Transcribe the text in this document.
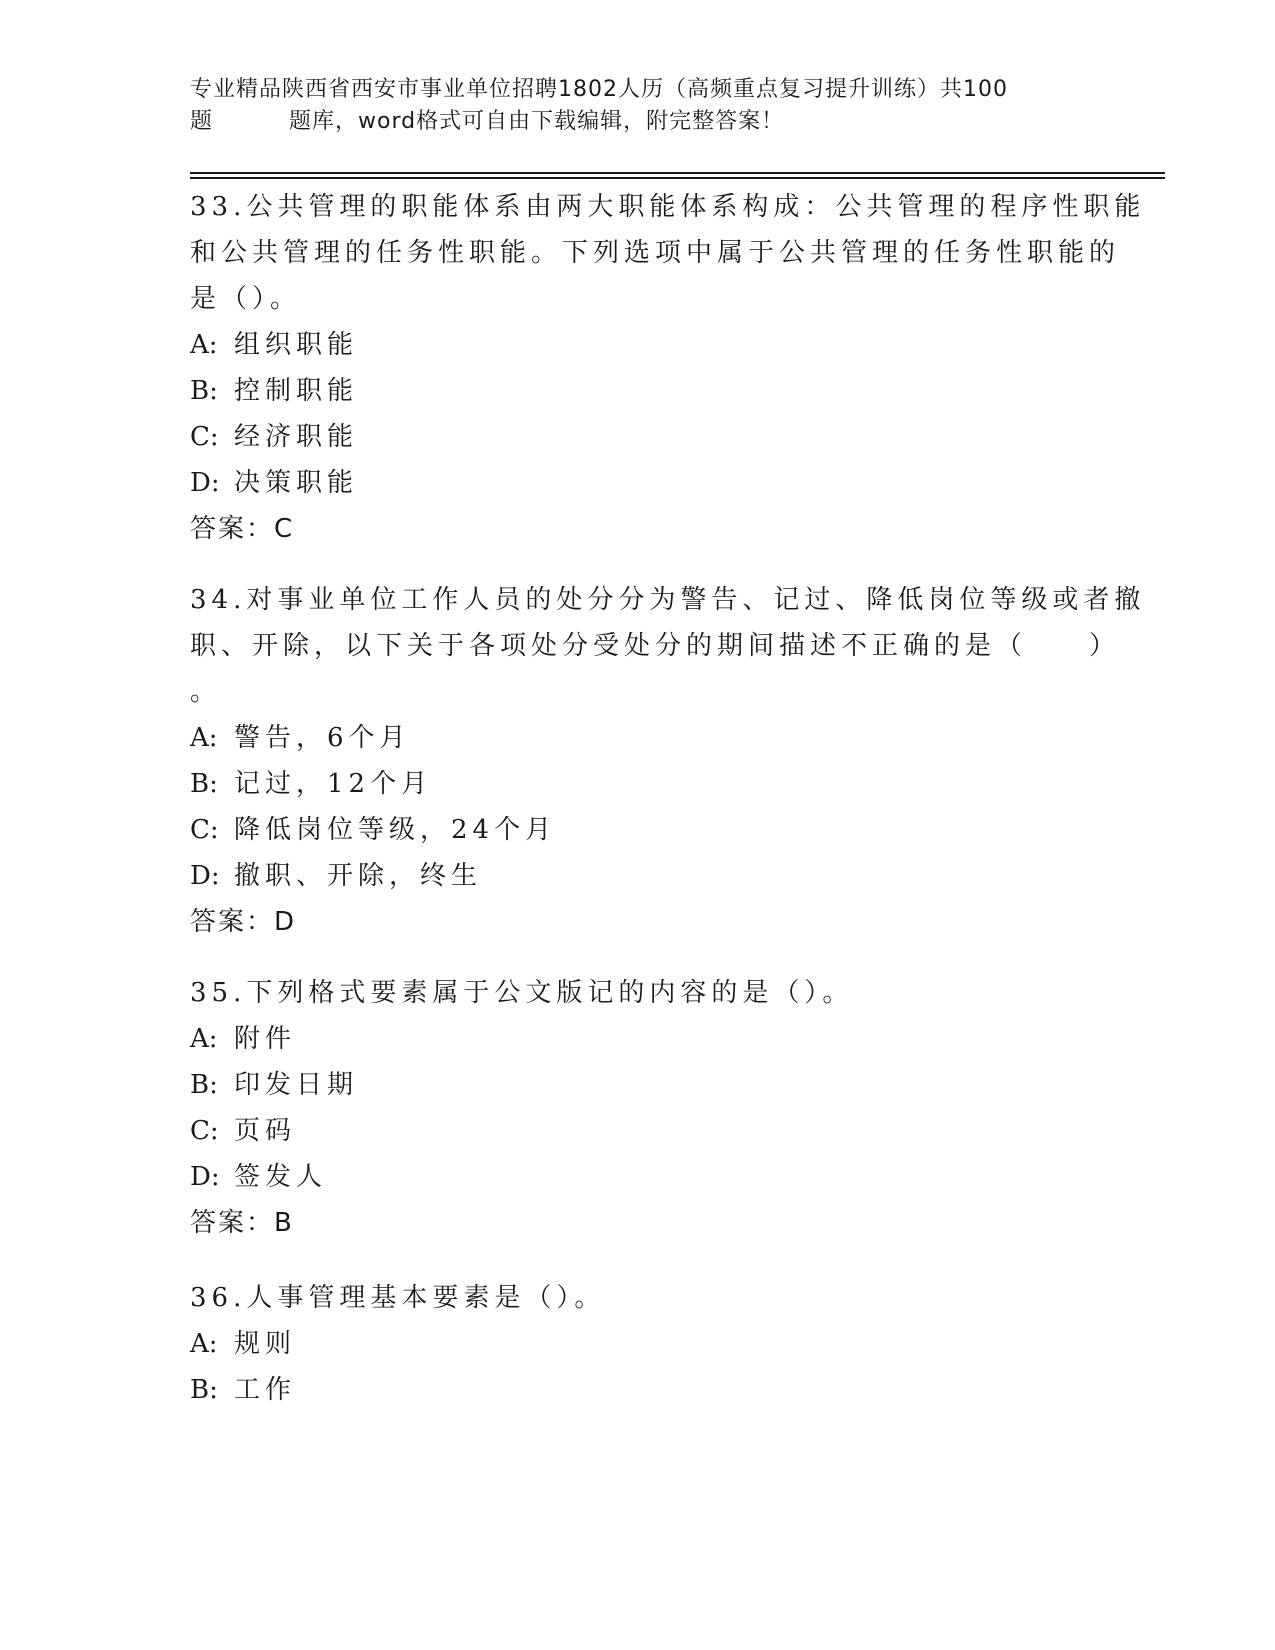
专业精品陕西省西安市事业单位招聘1802人历（高频重点复习提升训练）共100
题	题库，word格式可自由下载编辑，附完整答案！
33.公共管理的职能体系由两大职能体系构成：公共管理的程序性职能
和公共管理的任务性职能。下列选项中属于公共管理的任务性职能的
是（）。
A: 组织职能
B: 控制职能
C: 经济职能
D: 决策职能
答案：C
34.对事业单位工作人员的处分分为警告、记过、降低岗位等级或者撤
职、开除，以下关于各项处分受处分的期间描述不正确的是（　　）
。
A: 警告，6个月
B: 记过，12个月
C: 降低岗位等级，24个月
D: 撤职、开除，终生
答案：D
35.下列格式要素属于公文版记的内容的是（）。
A: 附件
B: 印发日期
C: 页码
D: 签发人
答案：B
36.人事管理基本要素是（）。
A: 规则
B: 工作
